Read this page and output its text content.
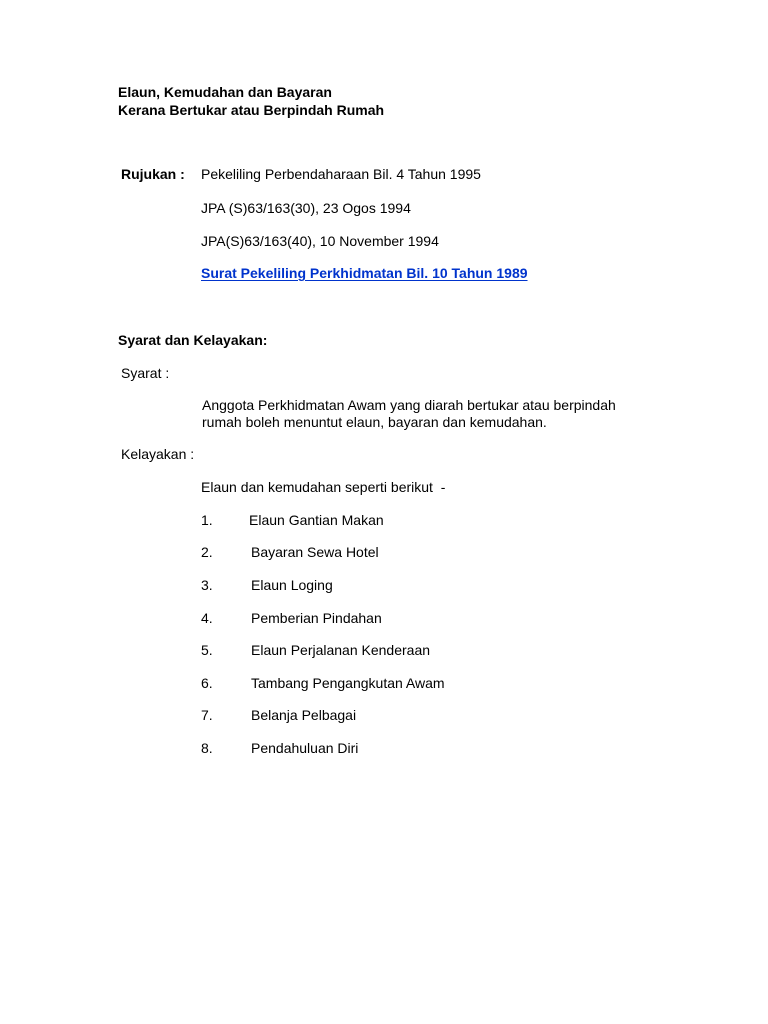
Elaun, Kemudahan dan Bayaran
Kerana Bertukar atau Berpindah Rumah
Rujukan : Pekeliling Perbendaharaan Bil. 4 Tahun 1995
JPA (S)63/163(30), 23 Ogos 1994
JPA(S)63/163(40), 10 November 1994
Surat Pekeliling Perkhidmatan Bil. 10 Tahun 1989
Syarat dan Kelayakan:
Syarat :
Anggota Perkhidmatan Awam yang diarah bertukar atau berpindah rumah boleh menuntut elaun, bayaran dan kemudahan.
Kelayakan :
Elaun dan kemudahan seperti berikut  -
1.	Elaun Gantian Makan
2.	Bayaran Sewa Hotel
3.	Elaun Loging
4.	Pemberian Pindahan
5.	Elaun Perjalanan Kenderaan
6.	Tambang Pengangkutan Awam
7.	Belanja Pelbagai
8.	Pendahuluan Diri
